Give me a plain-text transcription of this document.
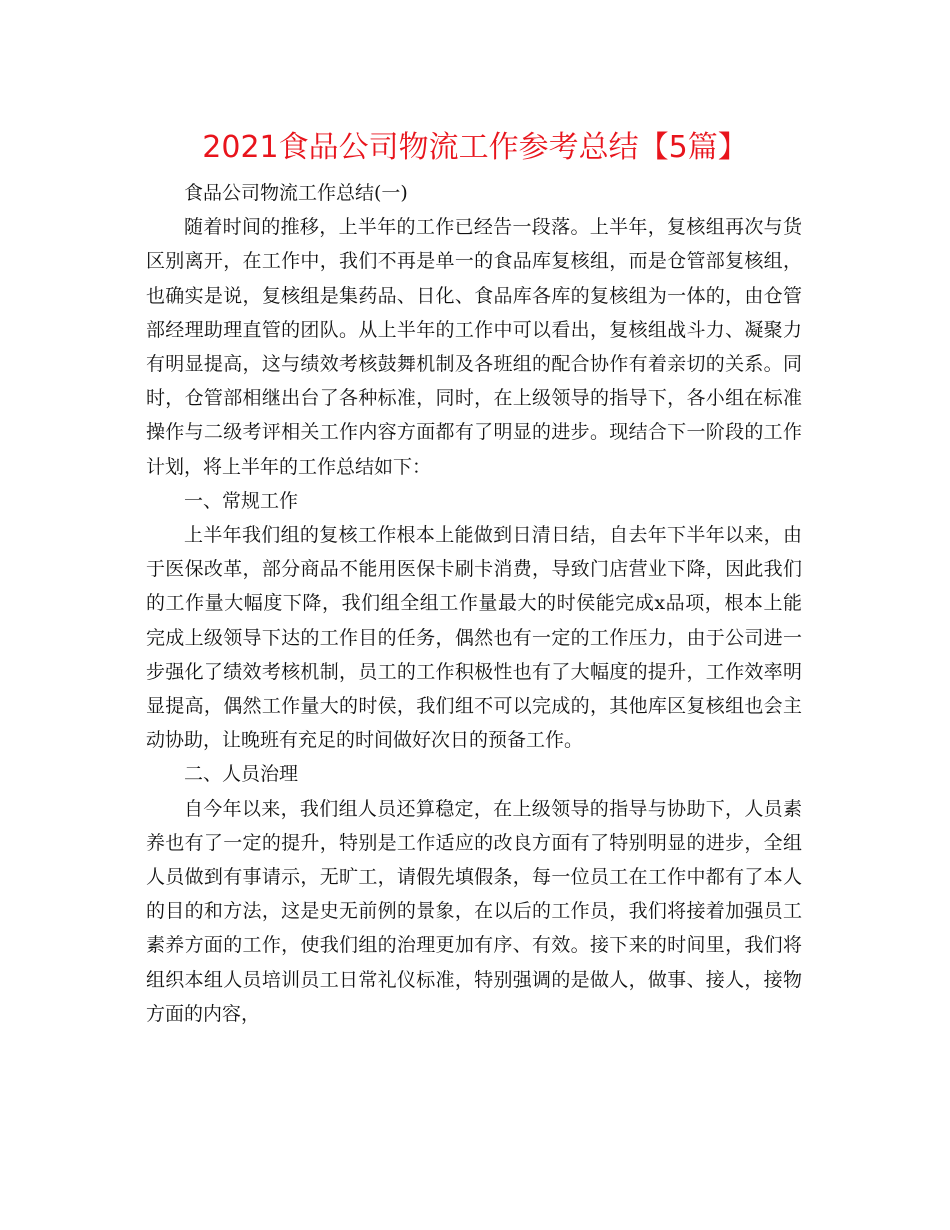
2021食品公司物流工作参考总结【5篇】

食品公司物流工作总结(一)

随着时间的推移，上半年的工作已经告一段落。上半年，复核组再次与货区别离开，在工作中，我们不再是单一的食品库复核组，而是仓管部复核组，也确实是说，复核组是集药品、日化、食品库各库的复核组为一体的，由仓管部经理助理直管的团队。从上半年的工作中可以看出，复核组战斗力、凝聚力有明显提高，这与绩效考核鼓舞机制及各班组的配合协作有着亲切的关系。同时，仓管部相继出台了各种标准，同时，在上级领导的指导下，各小组在标准操作与二级考评相关工作内容方面都有了明显的进步。现结合下一阶段的工作计划，将上半年的工作总结如下：

一、常规工作

上半年我们组的复核工作根本上能做到日清日结，自去年下半年以来，由于医保改革，部分商品不能用医保卡刷卡消费，导致门店营业下降，因此我们的工作量大幅度下降，我们组全组工作量最大的时侯能完成x品项，根本上能完成上级领导下达的工作目的任务，偶然也有一定的工作压力，由于公司进一步强化了绩效考核机制，员工的工作积极性也有了大幅度的提升，工作效率明显提高，偶然工作量大的时侯，我们组不可以完成的，其他库区复核组也会主动协助，让晚班有充足的时间做好次日的预备工作。

二、人员治理

自今年以来，我们组人员还算稳定，在上级领导的指导与协助下，人员素养也有了一定的提升，特别是工作适应的改良方面有了特别明显的进步，全组人员做到有事请示，无旷工，请假先填假条，每一位员工在工作中都有了本人的目的和方法，这是史无前例的景象，在以后的工作员，我们将接着加强员工素养方面的工作，使我们组的治理更加有序、有效。接下来的时间里，我们将组织本组人员培训员工日常礼仪标准，特别强调的是做人，做事、接人，接物方面的内容，
